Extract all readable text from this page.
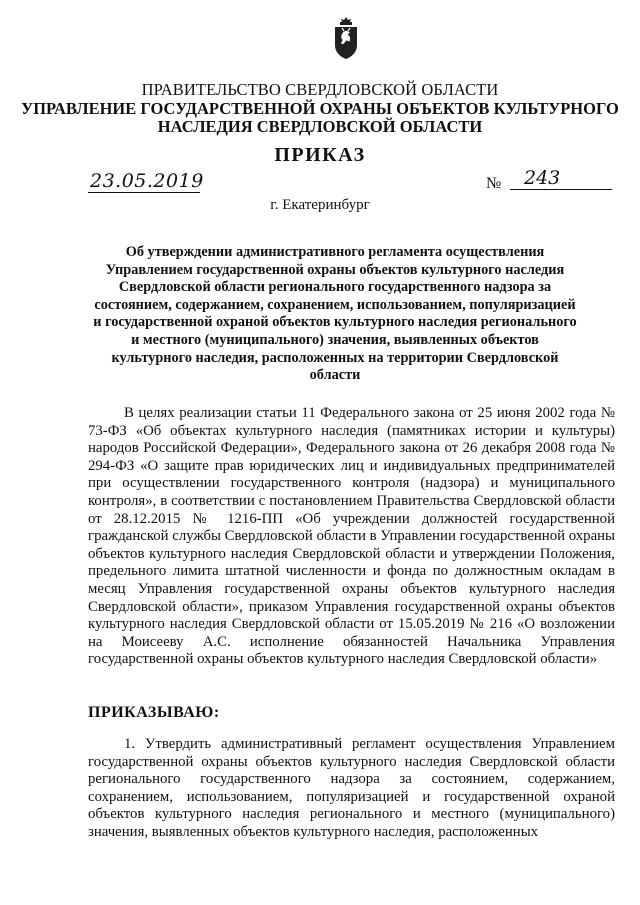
ПРАВИТЕЛЬСТВО СВЕРДЛОВСКОЙ ОБЛАСТИ
УПРАВЛЕНИЕ ГОСУДАРСТВЕННОЙ ОХРАНЫ ОБЪЕКТОВ КУЛЬТУРНОГО НАСЛЕДИЯ СВЕРДЛОВСКОЙ ОБЛАСТИ
ПРИКАЗ
23.05.2019	№	243
г. Екатеринбург
Об утверждении административного регламента осуществления Управлением государственной охраны объектов культурного наследия Свердловской области регионального государственного надзора за состоянием, содержанием, сохранением, использованием, популяризацией и государственной охраной объектов культурного наследия регионального и местного (муниципального) значения, выявленных объектов культурного наследия, расположенных на территории Свердловской области
В целях реализации статьи 11 Федерального закона от 25 июня 2002 года № 73-ФЗ «Об объектах культурного наследия (памятниках истории и культуры) народов Российской Федерации», Федерального закона от 26 декабря 2008 года № 294-ФЗ «О защите прав юридических лиц и индивидуальных предпринимателей при осуществлении государственного контроля (надзора) и муниципального контроля», в соответствии с постановлением Правительства Свердловской области от 28.12.2015 № 1216-ПП «Об учреждении должностей государственной гражданской службы Свердловской области в Управлении государственной охраны объектов культурного наследия Свердловской области и утверждении Положения, предельного лимита штатной численности и фонда по должностным окладам в месяц Управления государственной охраны объектов культурного наследия Свердловской области», приказом Управления государственной охраны объектов культурного наследия Свердловской области от 15.05.2019 № 216 «О возложении на Моисееву А.С. исполнение обязанностей Начальника Управления государственной охраны объектов культурного наследия Свердловской области»
ПРИКАЗЫВАЮ:
1. Утвердить административный регламент осуществления Управлением государственной охраны объектов культурного наследия Свердловской области регионального государственного надзора за состоянием, содержанием, сохранением, использованием, популяризацией и государственной охраной объектов культурного наследия регионального и местного (муниципального) значения, выявленных объектов культурного наследия, расположенных
